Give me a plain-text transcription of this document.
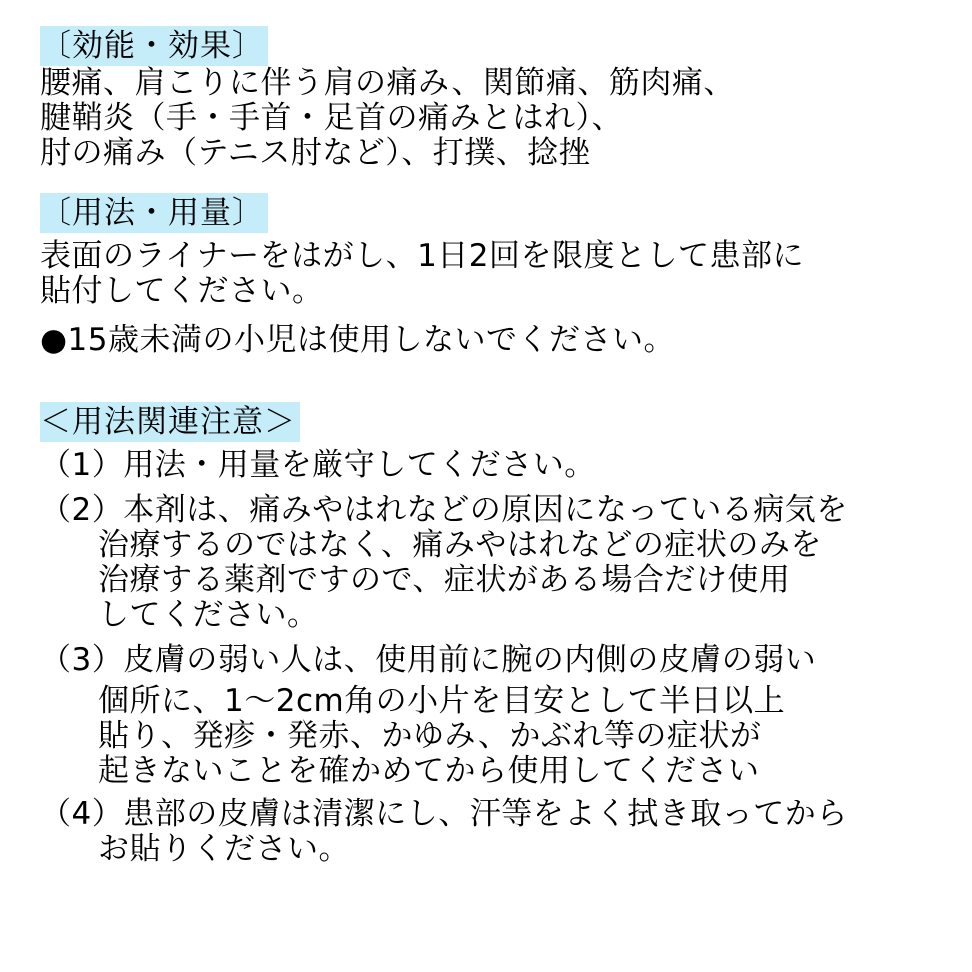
〔効能・効果〕
腰痛、肩こりに伴う肩の痛み、関節痛、筋肉痛、
腱鞘炎（手・手首・足首の痛みとはれ）、
肘の痛み（テニス肘など）、打撲、捻挫
〔用法・用量〕
表面のライナーをはがし、1日2回を限度として患部に
貼付してください。
●15歳未満の小児は使用しないでください。
＜用法関連注意＞
（1）用法・用量を厳守してください。
（2）本剤は、痛みやはれなどの原因になっている病気を
治療するのではなく、痛みやはれなどの症状のみを
治療する薬剤ですので、症状がある場合だけ使用
してください。
（3）皮膚の弱い人は、使用前に腕の内側の皮膚の弱い
個所に、1～2cm角の小片を目安として半日以上
貼り、発疹・発赤、かゆみ、かぶれ等の症状が
起きないことを確かめてから使用してください
（4）患部の皮膚は清潔にし、汗等をよく拭き取ってから
お貼りください。
